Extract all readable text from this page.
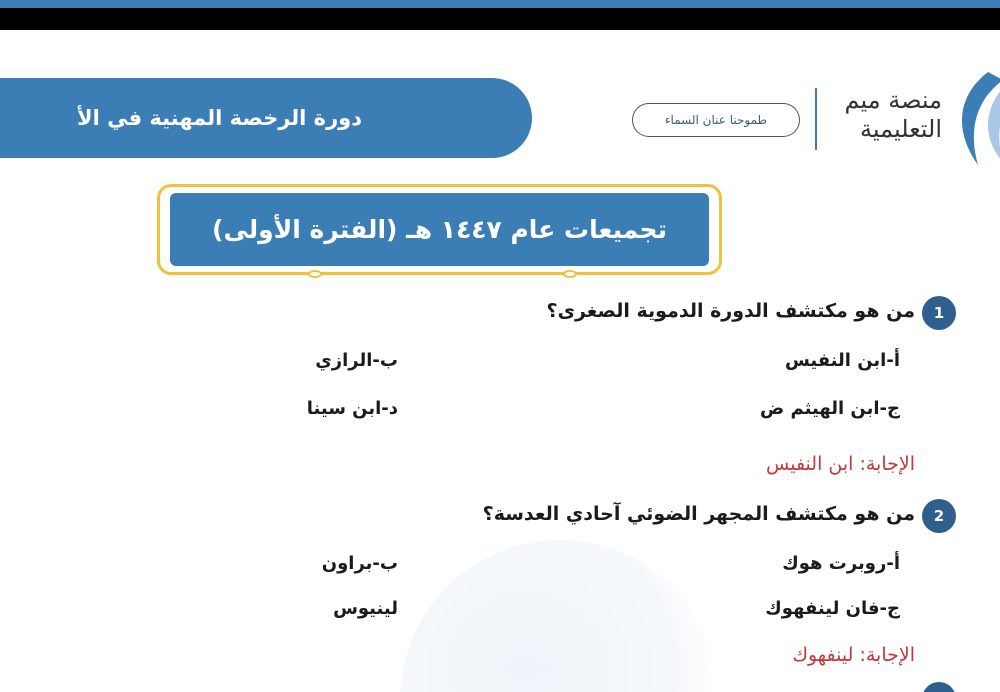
دورة الرخصة المهنية في الأ
منصة ميم
التعليمية
طموحنا عنان السماء
تجميعات عام ١٤٤٧ هـ (الفترة الأولى)
1
من هو مكتشف الدورة الدموية الصغرى؟
أ-ابن النفيس
ب-الرازي
ج-ابن الهيثم ض
د-ابن سينا
الإجابة: ابن النفيس
2
من هو مكتشف المجهر الضوئي آحادي العدسة؟
أ-روبرت هوك
ب-براون
ج-فان لينفهوك
لينيوس
الإجابة: لينفهوك
